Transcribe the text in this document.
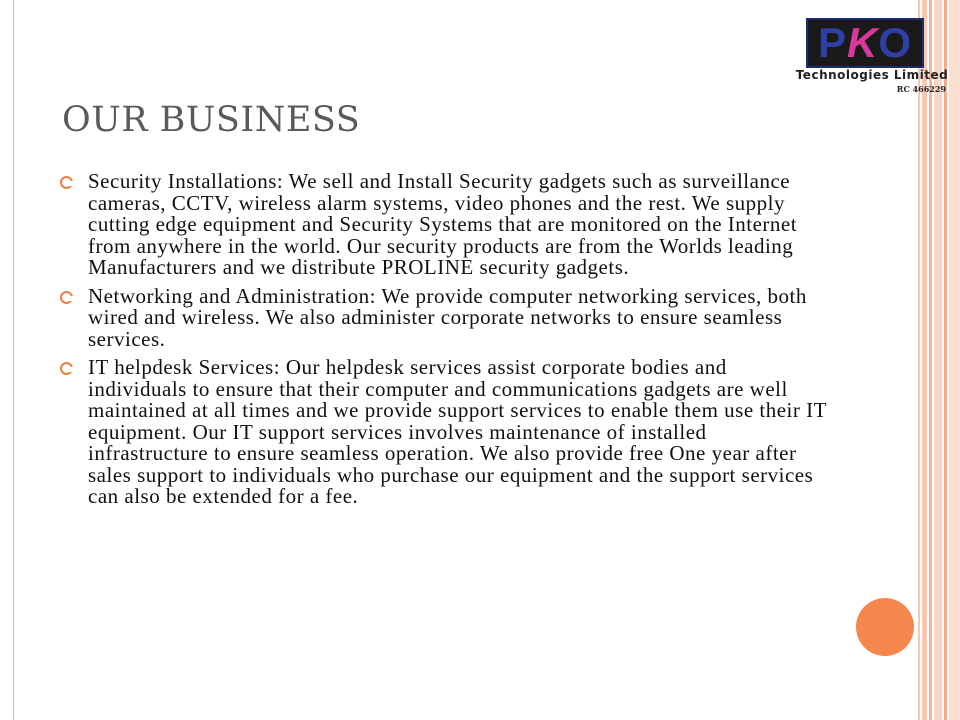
PKO

Technologies Limited

RC 466229

OUR BUSINESS
Security Installations: We sell and Install Security gadgets such as surveillance cameras, CCTV, wireless alarm systems, video phones and the rest. We supply cutting edge equipment and Security Systems that are monitored on the Internet from anywhere in the world. Our security products are from the Worlds leading Manufacturers and we distribute PROLINE security gadgets.
Networking and Administration: We provide computer networking services, both wired and wireless. We also administer corporate networks to ensure seamless services.
IT helpdesk Services: Our helpdesk services assist corporate bodies and individuals to ensure that their computer and communications gadgets are well maintained at all times and we provide support services to enable them use their IT equipment. Our IT support services involves maintenance of installed infrastructure to ensure seamless operation. We also provide free One year after sales support to individuals who purchase our equipment and the support services can also be extended for a fee.
